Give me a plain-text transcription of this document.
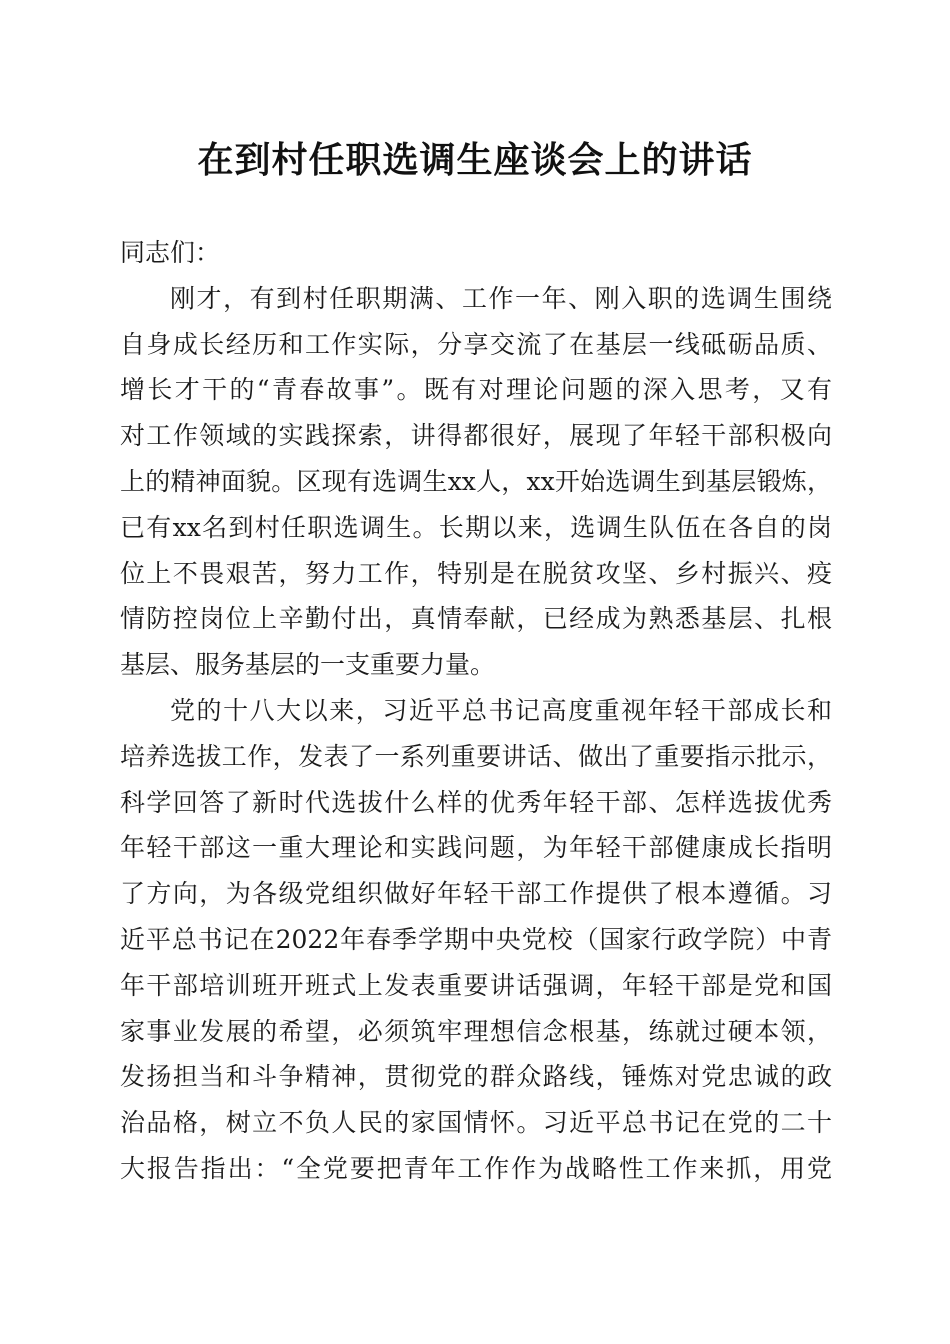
在到村任职选调生座谈会上的讲话
同志们：
刚才，有到村任职期满、工作一年、刚入职的选调生围绕
自身成长经历和工作实际，分享交流了在基层一线砥砺品质、
增长才干的“青春故事”。既有对理论问题的深入思考，又有
对工作领域的实践探索，讲得都很好，展现了年轻干部积极向
上的精神面貌。区现有选调生xx人，xx开始选调生到基层锻炼，
已有xx名到村任职选调生。长期以来，选调生队伍在各自的岗
位上不畏艰苦，努力工作，特别是在脱贫攻坚、乡村振兴、疫
情防控岗位上辛勤付出，真情奉献，已经成为熟悉基层、扎根
基层、服务基层的一支重要力量。
党的十八大以来，习近平总书记高度重视年轻干部成长和
培养选拔工作，发表了一系列重要讲话、做出了重要指示批示，
科学回答了新时代选拔什么样的优秀年轻干部、怎样选拔优秀
年轻干部这一重大理论和实践问题，为年轻干部健康成长指明
了方向，为各级党组织做好年轻干部工作提供了根本遵循。习
近平总书记在2022年春季学期中央党校（国家行政学院）中青
年干部培训班开班式上发表重要讲话强调，年轻干部是党和国
家事业发展的希望，必须筑牢理想信念根基，练就过硬本领，
发扬担当和斗争精神，贯彻党的群众路线，锤炼对党忠诚的政
治品格，树立不负人民的家国情怀。习近平总书记在党的二十
大报告指出：“全党要把青年工作作为战略性工作来抓，用党
